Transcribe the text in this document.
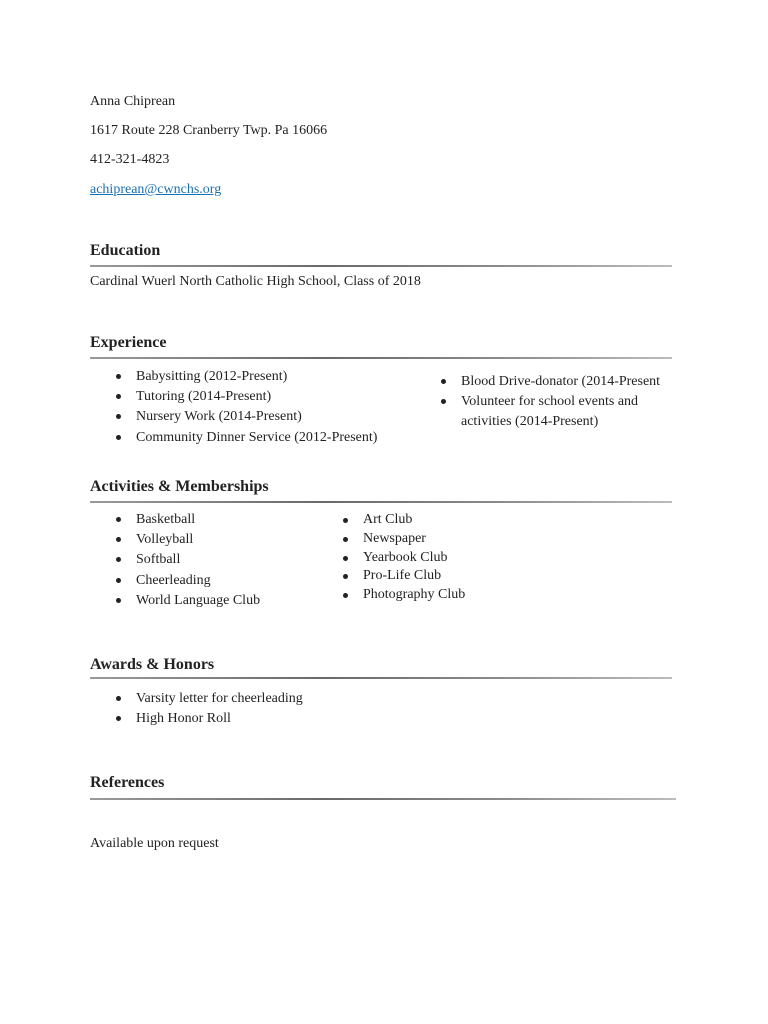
Anna Chiprean
1617 Route 228 Cranberry Twp. Pa 16066
412-321-4823
achiprean@cwnchs.org
Education
Cardinal Wuerl North Catholic High School, Class of 2018
Experience
Babysitting (2012-Present)
Tutoring (2014-Present)
Nursery Work (2014-Present)
Community Dinner Service (2012-Present)
Blood Drive-donator (2014-Present
Volunteer for school events and activities (2014-Present)
Activities & Memberships
Basketball
Volleyball
Softball
Cheerleading
World Language Club
Art Club
Newspaper
Yearbook Club
Pro-Life Club
Photography Club
Awards & Honors
Varsity letter for cheerleading
High Honor Roll
References
Available upon request
